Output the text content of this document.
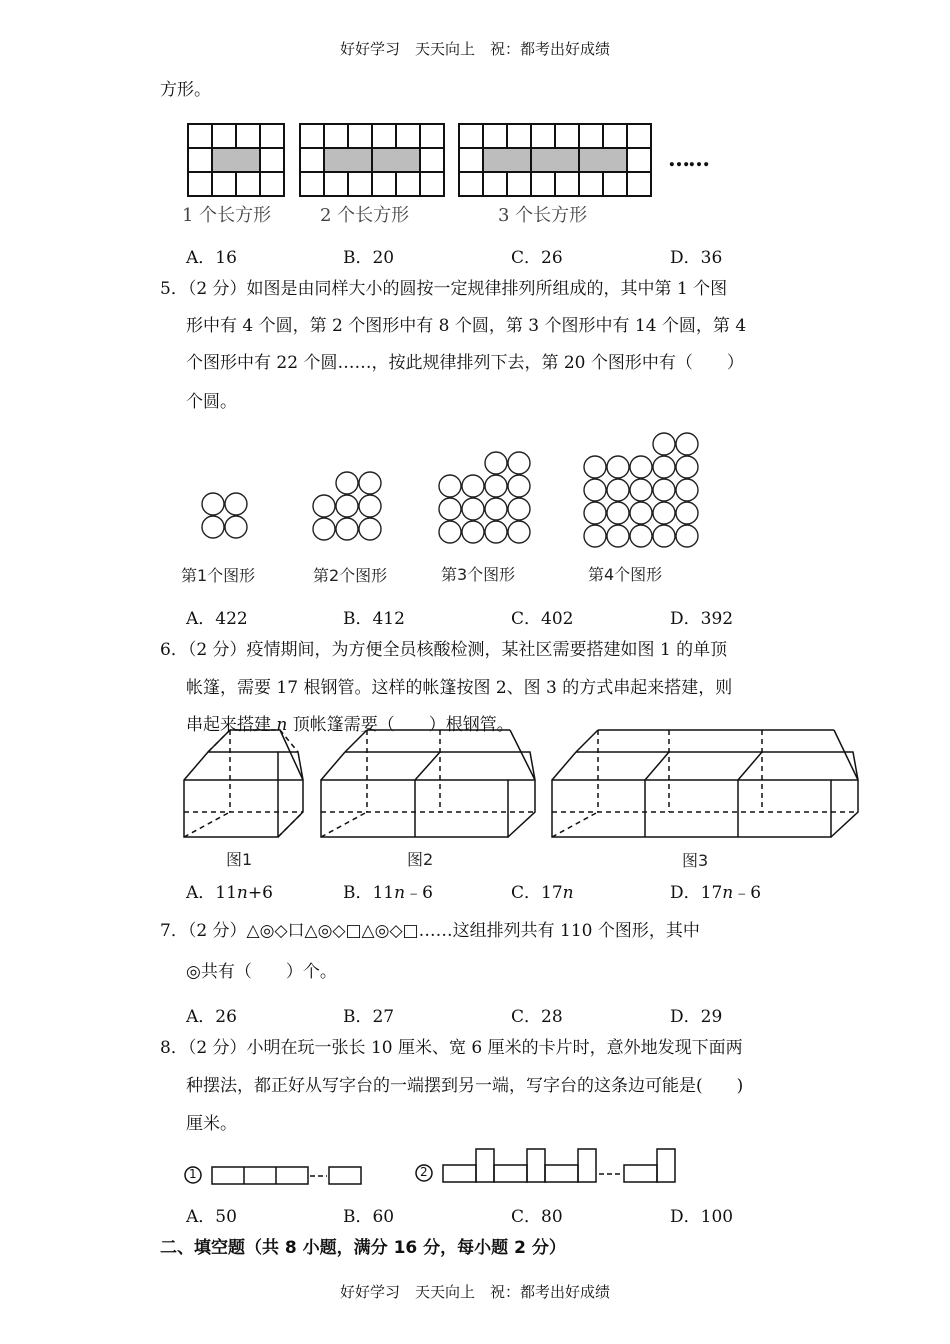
好好学习　天天向上　祝：都考出好成绩
方形。
……
1 个长方形	2 个长方形	3 个长方形
A．16	B．20	C．26	D．36
5．（2 分）如图是由同样大小的圆按一定规律排列所组成的，其中第 1 个图
形中有 4 个圆，第 2 个图形中有 8 个圆，第 3 个图形中有 14 个圆，第 4
个图形中有 22 个圆……，按此规律排列下去，第 20 个图形中有（　　）
个圆。
第1个图形	第2个图形	第3个图形	第4个图形
A．422	B．412	C．402	D．392
6．（2 分）疫情期间，为方便全员核酸检测，某社区需要搭建如图 1 的单顶
帐篷，需要 17 根钢管。这样的帐篷按图 2、图 3 的方式串起来搭建，则
串起来搭建 n 顶帐篷需要（　　）根钢管。
图1	图2	图3
A．11n+6	B．11n﹣6	C．17n	D．17n﹣6
7．（2 分）△◎◇口△◎◇□△◎◇□……这组排列共有 110 个图形，其中
◎共有（　　）个。
A．26	B．27	C．28	D．29
8．（2 分）小明在玩一张长 10 厘米、宽 6 厘米的卡片时，意外地发现下面两
种摆法，都正好从写字台的一端摆到另一端，写字台的这条边可能是(　　)
厘米。
1	2
A．50	B．60	C．80	D．100
二、填空题（共 8 小题，满分 16 分，每小题 2 分）
好好学习　天天向上　祝：都考出好成绩
